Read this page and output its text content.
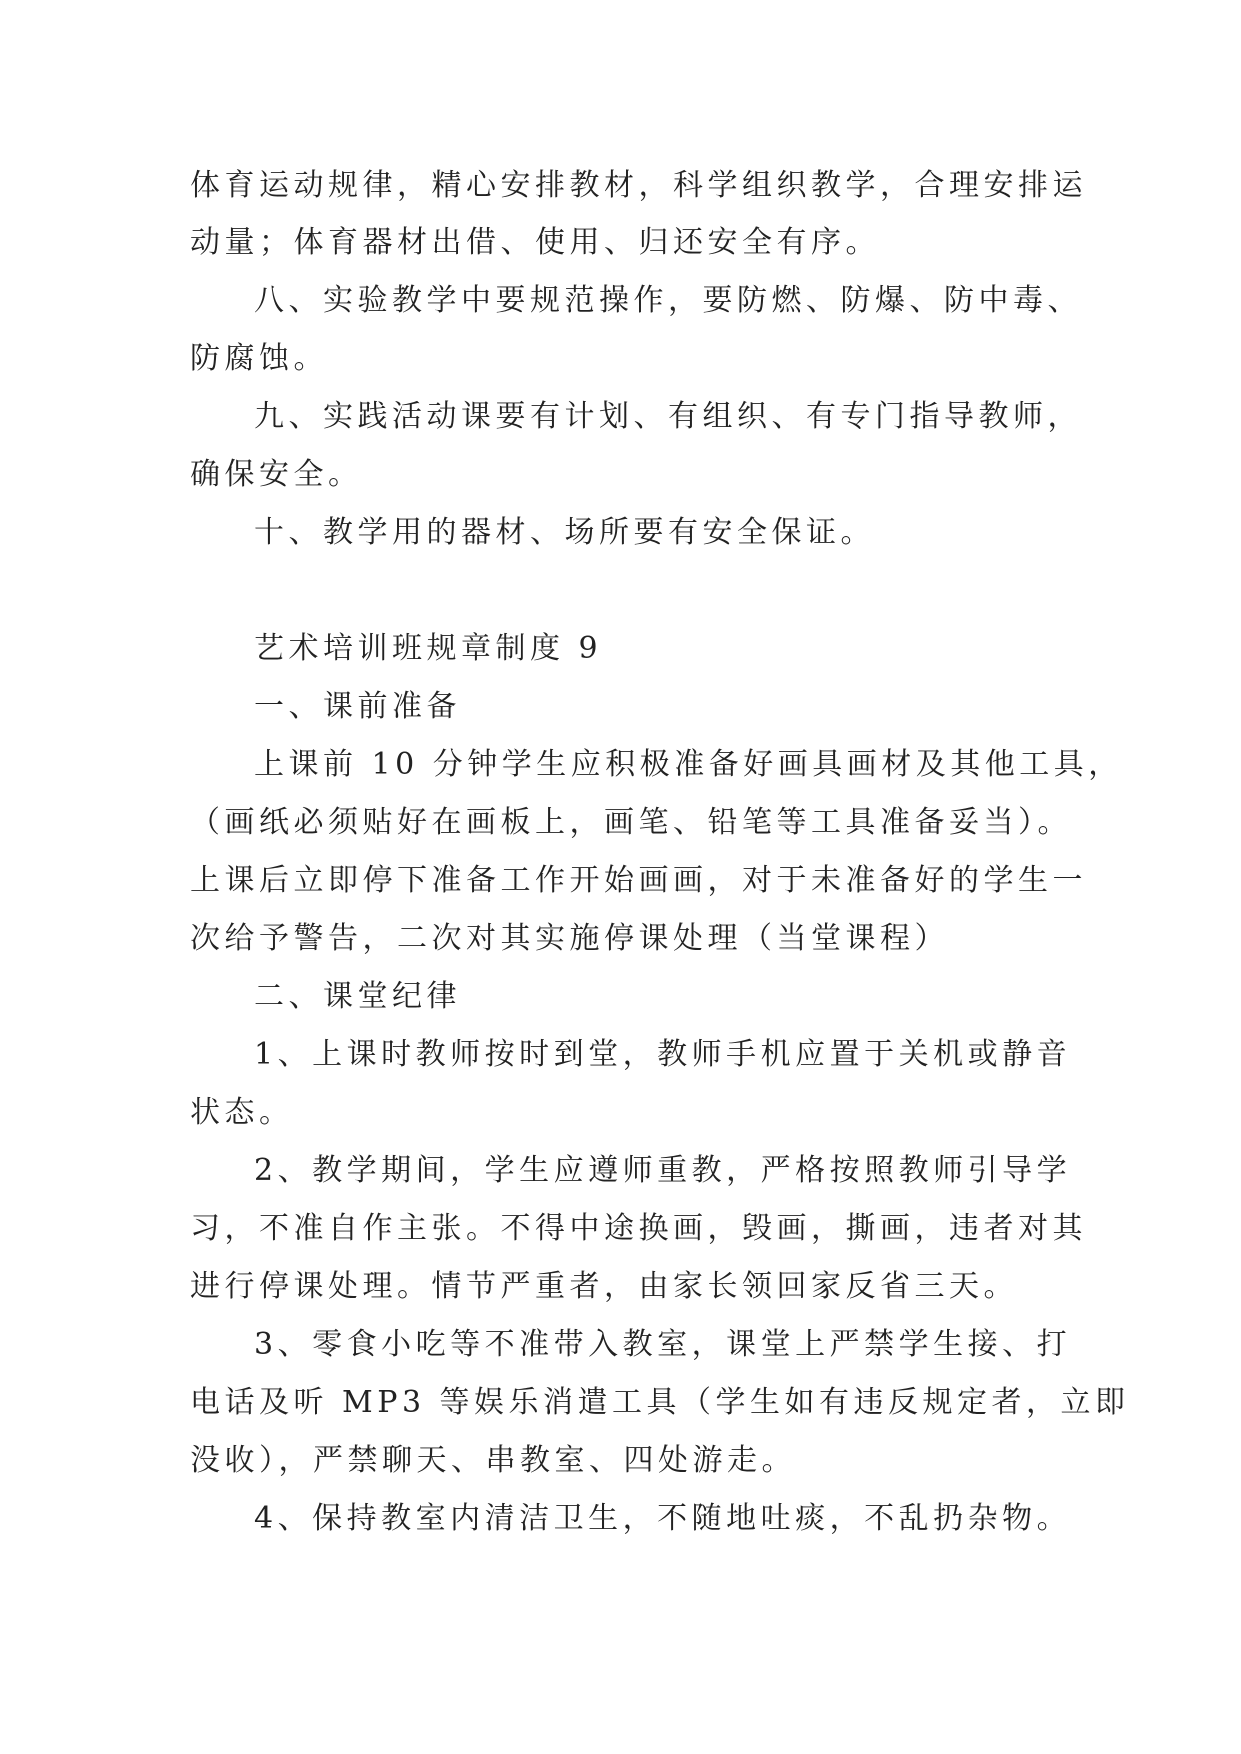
体育运动规律，精心安排教材，科学组织教学，合理安排运
动量；体育器材出借、使用、归还安全有序。
八、实验教学中要规范操作，要防燃、防爆、防中毒、
防腐蚀。
九、实践活动课要有计划、有组织、有专门指导教师，
确保安全。
十、教学用的器材、场所要有安全保证。
艺术培训班规章制度 9
一、课前准备
上课前 10 分钟学生应积极准备好画具画材及其他工具，
（画纸必须贴好在画板上，画笔、铅笔等工具准备妥当）。
上课后立即停下准备工作开始画画，对于未准备好的学生一
次给予警告，二次对其实施停课处理（当堂课程）
二、课堂纪律
1、上课时教师按时到堂，教师手机应置于关机或静音
状态。
2、教学期间，学生应遵师重教，严格按照教师引导学
习，不准自作主张。不得中途换画，毁画，撕画，违者对其
进行停课处理。情节严重者，由家长领回家反省三天。
3、零食小吃等不准带入教室，课堂上严禁学生接、打
电话及听 MP3 等娱乐消遣工具（学生如有违反规定者，立即
没收），严禁聊天、串教室、四处游走。
4、保持教室内清洁卫生，不随地吐痰，不乱扔杂物。
